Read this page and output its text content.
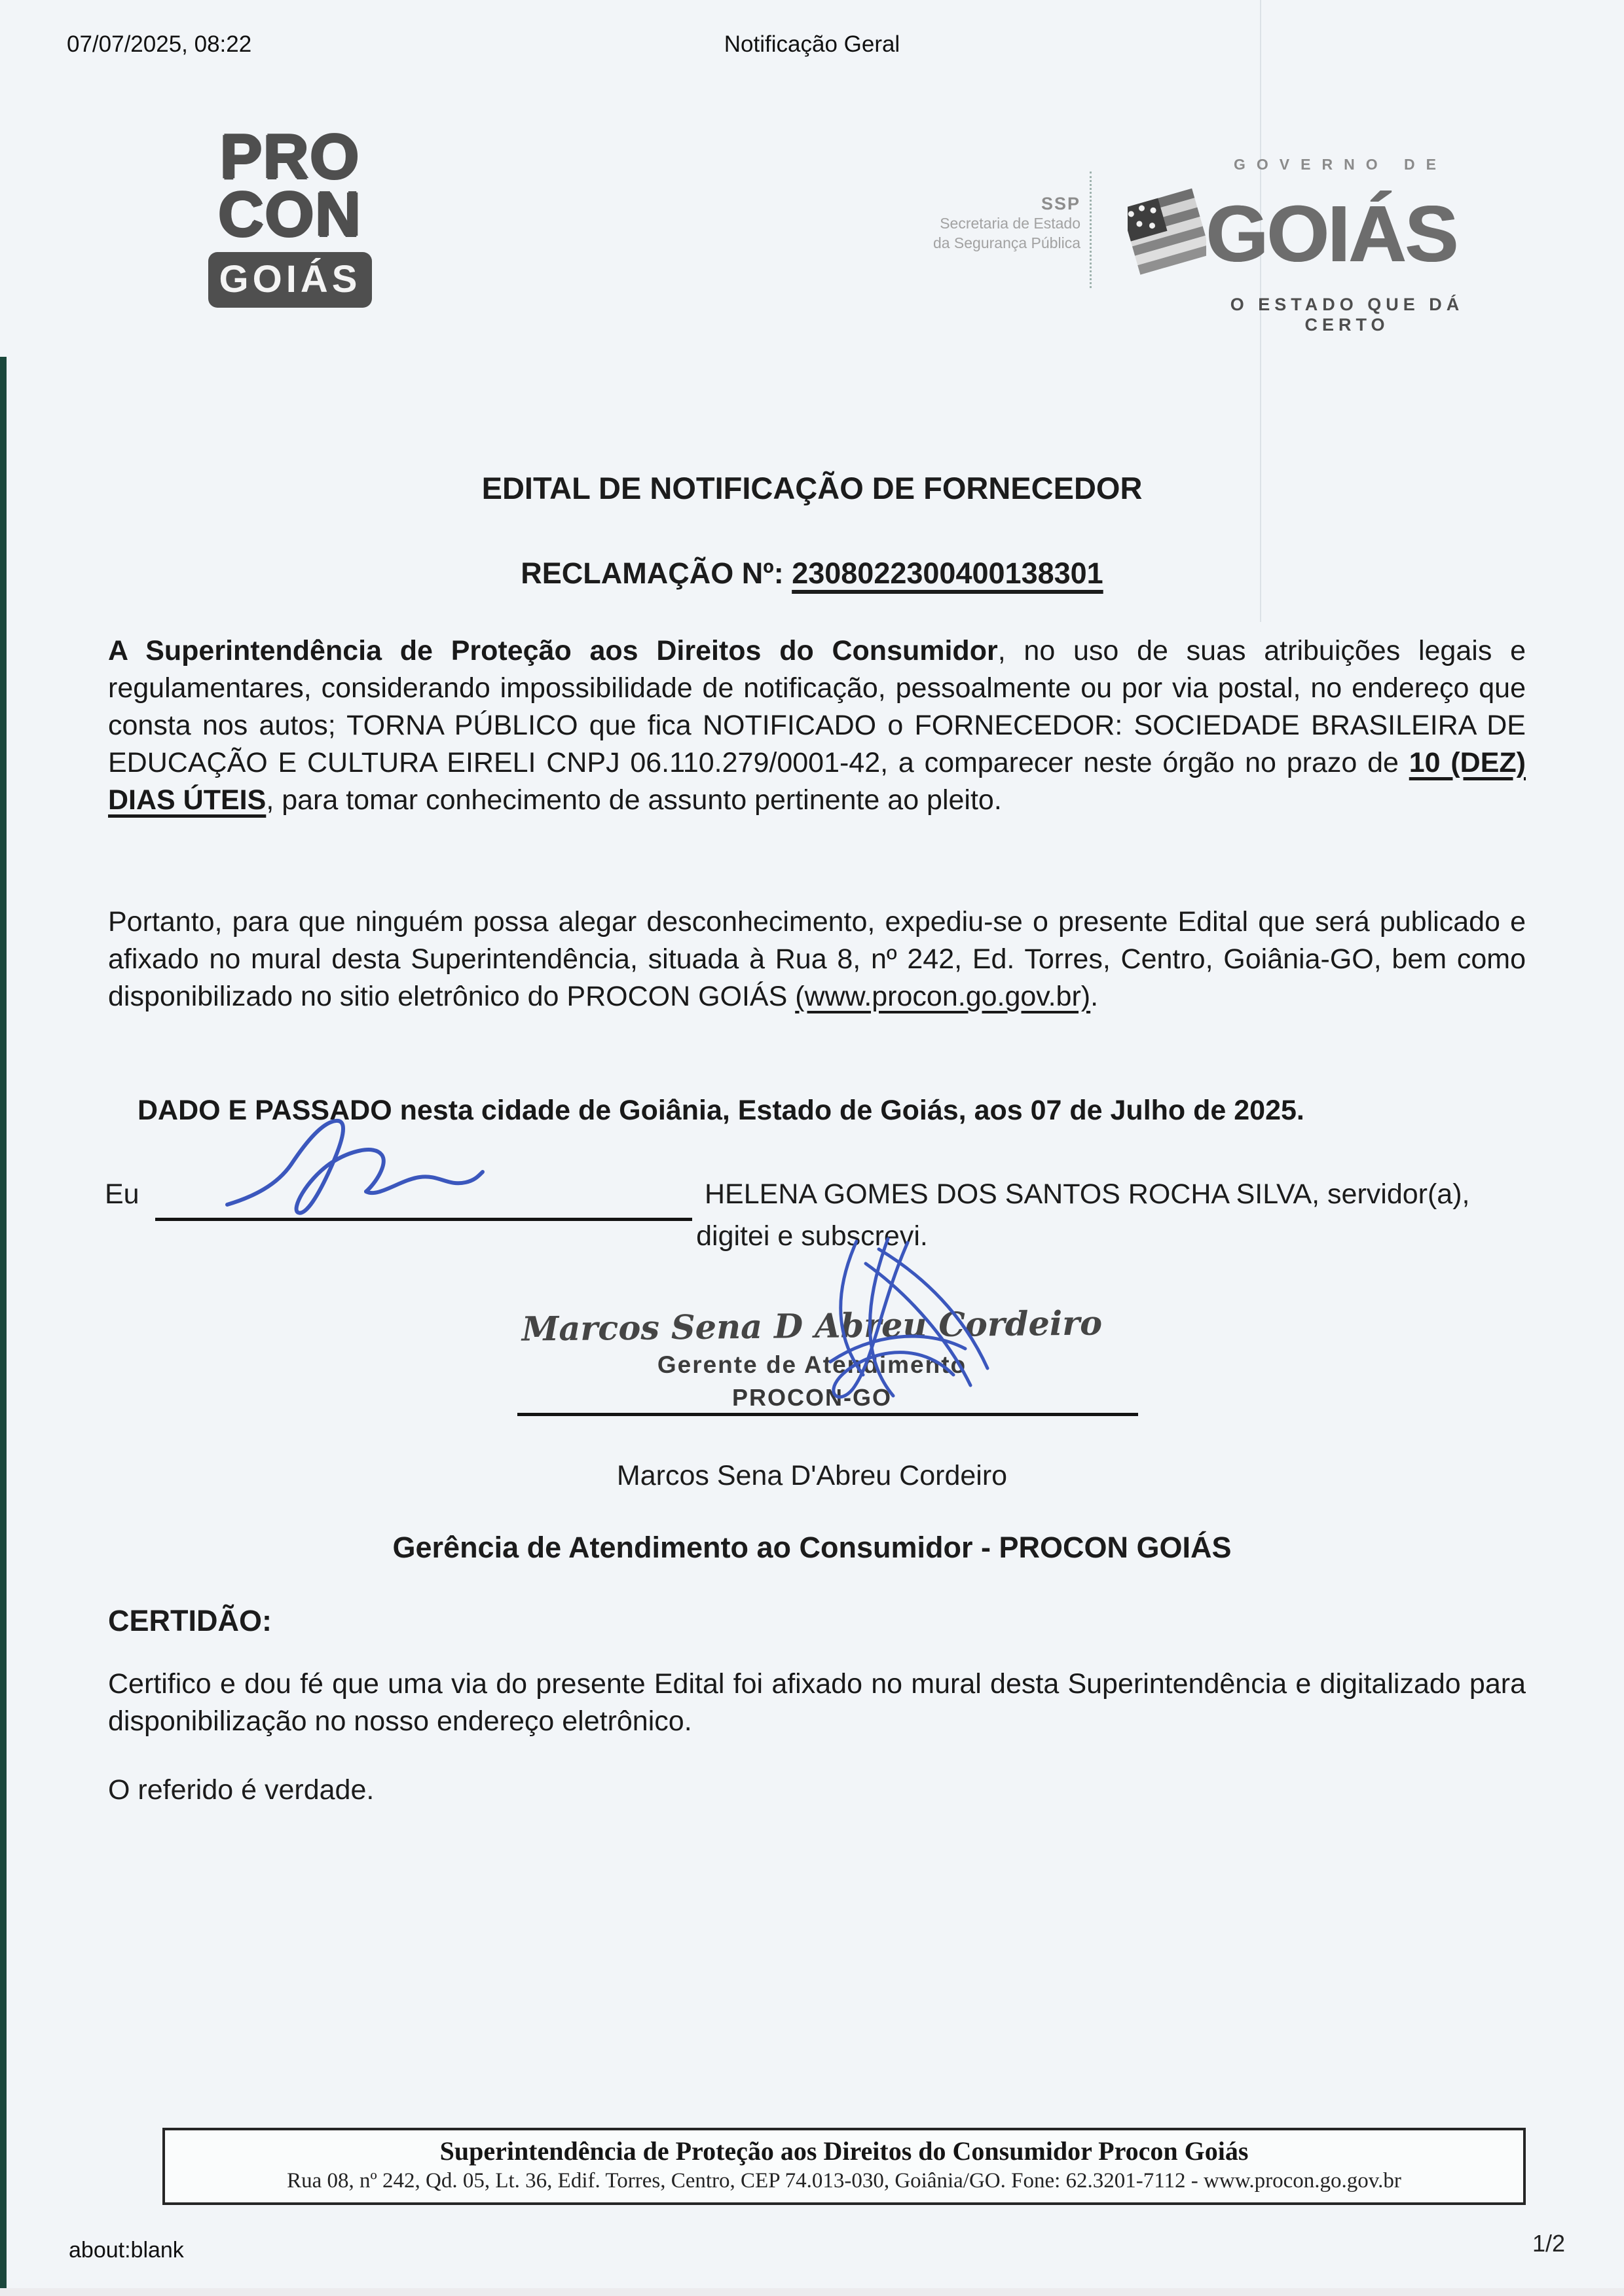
07/07/2025, 08:22	Notificação Geral
PRO
CON
GOIÁS
SSP
Secretaria de Estado
da Segurança Pública
GOVERNO DE
GOIÁS
O ESTADO QUE DÁ CERTO
EDITAL DE NOTIFICAÇÃO DE FORNECEDOR
RECLAMAÇÃO Nº: 2308022300400138301
A Superintendência de Proteção aos Direitos do Consumidor, no uso de suas atribuições legais e regulamentares, considerando impossibilidade de notificação, pessoalmente ou por via postal, no endereço que consta nos autos; TORNA PÚBLICO que fica NOTIFICADO o FORNECEDOR: SOCIEDADE BRASILEIRA DE EDUCAÇÃO E CULTURA EIRELI CNPJ 06.110.279/0001-42, a comparecer neste órgão no prazo de 10 (DEZ) DIAS ÚTEIS, para tomar conhecimento de assunto pertinente ao pleito.
Portanto, para que ninguém possa alegar desconhecimento, expediu-se o presente Edital que será publicado e afixado no mural desta Superintendência, situada à Rua 8, nº 242, Ed. Torres, Centro, Goiânia-GO, bem como disponibilizado no sitio eletrônico do PROCON GOIÁS (www.procon.go.gov.br).
DADO E PASSADO nesta cidade de Goiânia, Estado de Goiás, aos 07 de Julho de 2025.
Eu	HELENA GOMES DOS SANTOS ROCHA SILVA, servidor(a),
digitei e subscrevi.
Marcos Sena D Abreu Cordeiro
Gerente de Atendimento
PROCON-GO
Marcos Sena D'Abreu Cordeiro
Gerência de Atendimento ao Consumidor - PROCON GOIÁS
CERTIDÃO:
Certifico e dou fé que uma via do presente Edital foi afixado no mural desta Superintendência e digitalizado para disponibilização no nosso endereço eletrônico.
O referido é verdade.
Superintendência de Proteção aos Direitos do Consumidor Procon Goiás
Rua 08, nº 242, Qd. 05, Lt. 36, Edif. Torres, Centro, CEP 74.013-030, Goiânia/GO. Fone: 62.3201-7112 - www.procon.go.gov.br
about:blank	1/2
